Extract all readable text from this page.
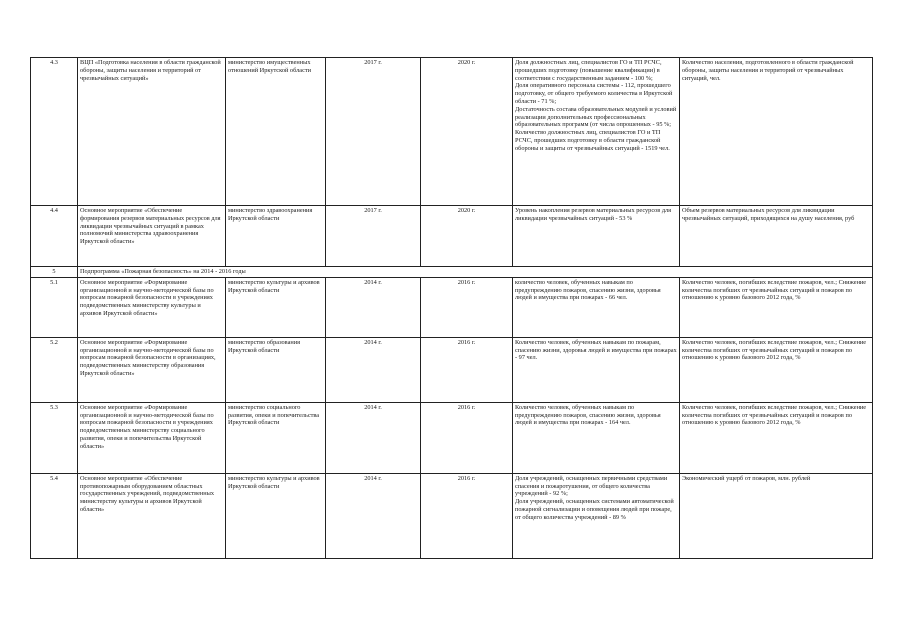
4.3	ВЦП «Подготовка населения в области гражданской обороны, защиты населения и территорий от чрезвычайных ситуаций»	министерство имущественных отношений Иркутской области	2017 г.	2020 г.	Доля должностных лиц, специалистов ГО и ТП РСЧС, прошедших подготовку (повышение квалификации) в соответствии с государственным заданием - 100 %;
Доля оперативного персонала системы - 112, прошедшего подготовку, от общего требуемого количества в Иркутской области - 71 %;
Достаточность состава образовательных модулей и условий реализации дополнительных профессиональных образовательных программ (от числа опрошенных - 95 %;
Количество должностных лиц, специалистов ГО и ТП РСЧС, прошедших подготовку в области гражданской обороны и защиты от чрезвычайных ситуаций - 1519 чел.	Количество населения, подготовленного в области гражданской обороны, защиты населения и территорий от чрезвычайных ситуаций, чел.
4.4	Основное мероприятие «Обеспечение формирования резервов материальных ресурсов для ликвидации чрезвычайных ситуаций в рамках полномочий министерства здравоохранения Иркутской области»	министерство здравоохранения Иркутской области	2017 г.	2020 г.	Уровень накопления резервов материальных ресурсов для ликвидации чрезвычайных ситуаций - 53 %	Объем резервов материальных ресурсов для ликвидации чрезвычайных ситуаций, приходящихся на душу населения, руб
5	Подпрограмма «Пожарная безопасность» на 2014 - 2016 годы					
5.1	Основное мероприятие «Формирование организационной и научно-методической базы по вопросам пожарной безопасности в учреждениях подведомственных министерству культуры и архивов Иркутской области»	министерство культуры и архивов Иркутской области	2014 г.	2016 г.	количество человек, обученных навыкам по предупреждению пожаров, спасению жизни, здоровья людей и имущества при пожарах - 66 чел.	Количество человек, погибших вследствие пожаров, чел.; Снижение количества погибших от чрезвычайных ситуаций и пожаров по отношению к уровню базового 2012 года, %
5.2	Основное мероприятие «Формирование организационной и научно-методической базы по вопросам пожарной безопасности в организациях, подведомственных министерству образования Иркутской области»	министерство образования Иркутской области	2014 г.	2016 г.	Количество человек, обученных навыкам по пожарам, спасению жизни, здоровья людей и имущества при пожарах - 97 чел.	Количество человек, погибших вследствие пожаров, чел.; Снижение количества погибших от чрезвычайных ситуаций и пожаров по отношению к уровню базового 2012 года, %
5.3	Основное мероприятие «Формирование организационной и научно-методической базы по вопросам пожарной безопасности в учреждениях подведомственных министерству социального развития, опеки и попечительства Иркутской области»	министерство социального развития, опеки и попечительства Иркутской области	2014 г.	2016 г.	Количество человек, обученных навыкам по предупреждению пожаров, спасению жизни, здоровья людей и имущества при пожарах - 164 чел.	Количество человек, погибших вследствие пожаров, чел.; Снижение количества погибших от чрезвычайных ситуаций и пожаров по отношению к уровню базового 2012 года, %
5.4	Основное мероприятие «Обеспечение противопожарным оборудованием областных государственных учреждений, подведомственных министерству культуры и архивов Иркутской области»	министерство культуры и архивов Иркутской области	2014 г.	2016 г.	Доля учреждений, оснащенных первичными средствами спасения и пожаротушения, от общего количества учреждений - 92 %;
Доля учреждений, оснащенных системами автоматической пожарной сигнализации и оповещения людей при пожаре, от общего количества учреждений - 89 %	Экономический ущерб от пожаров, млн. рублей
